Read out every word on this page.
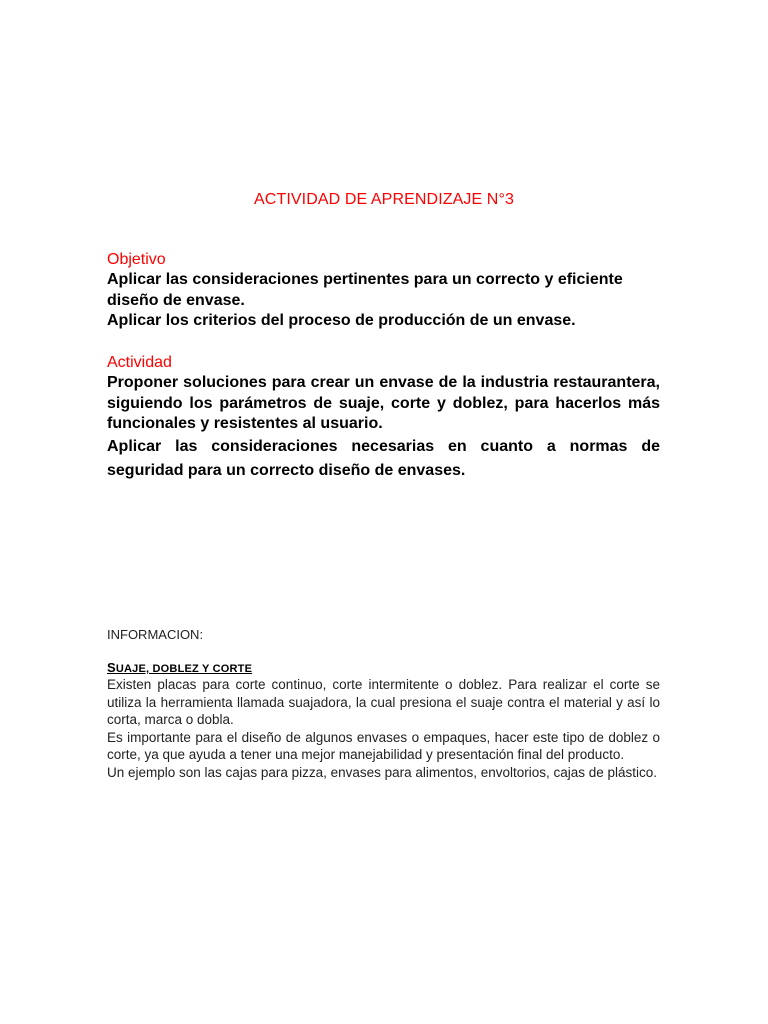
ACTIVIDAD DE APRENDIZAJE N°3
Objetivo

Aplicar las consideraciones pertinentes para un correcto y eficiente diseño de envase.

Aplicar los criterios del proceso de producción de un envase.

Actividad

Proponer soluciones para crear un envase de la industria restaurantera, siguiendo los parámetros de suaje, corte y doblez, para hacerlos más funcionales y resistentes al usuario.

Aplicar las consideraciones necesarias en cuanto a normas de seguridad para un correcto diseño de envases.

INFORMACION:
SUAJE, DOBLEZ Y CORTE

Existen placas para corte continuo, corte intermitente o doblez. Para realizar el corte se utiliza la herramienta llamada suajadora, la cual presiona el suaje contra el material y así lo corta, marca o dobla.

Es importante para el diseño de algunos envases o empaques, hacer este tipo de doblez o corte, ya que ayuda a tener una mejor manejabilidad y presentación final del producto.

Un ejemplo son las cajas para pizza, envases para alimentos, envoltorios, cajas de plástico.
